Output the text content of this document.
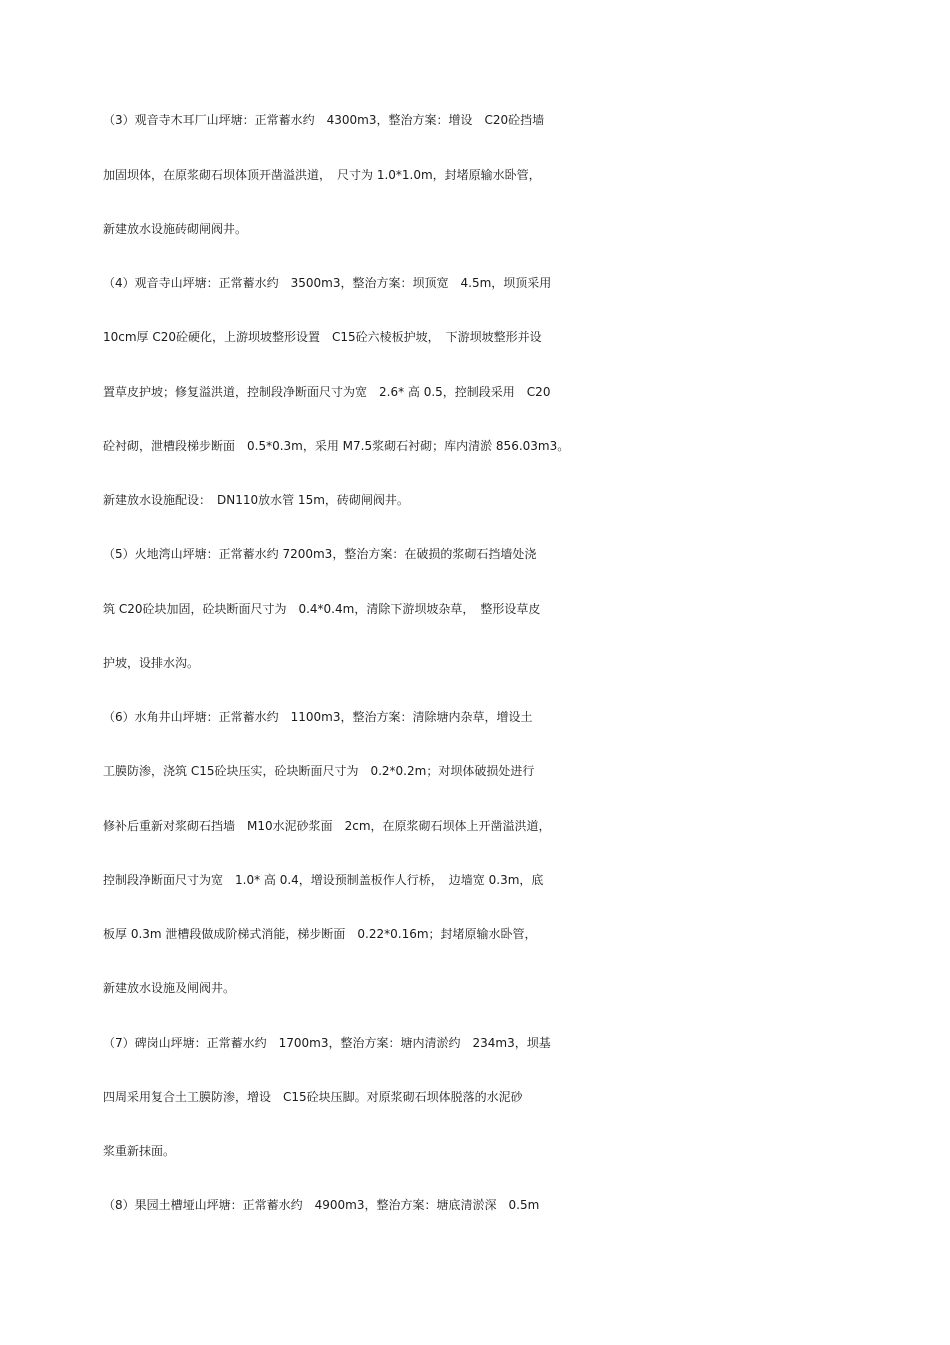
（3）观音寺木耳厂山坪塘：正常蓄水约　4300m3，整治方案：增设　C20砼挡墙
加固坝体，在原浆砌石坝体顶开凿溢洪道，　尺寸为 1.0*1.0m，封堵原输水卧管，
新建放水设施砖砌闸阀井。
（4）观音寺山坪塘：正常蓄水约　3500m3，整治方案：坝顶宽　4.5m，坝顶采用
10cm厚 C20砼硬化，上游坝坡整形设置　C15砼六棱板护坡，　下游坝坡整形并设
置草皮护坡；修复溢洪道，控制段净断面尺寸为宽　2.6* 高 0.5，控制段采用　C20
砼衬砌，泄槽段梯步断面　0.5*0.3m，采用 M7.5浆砌石衬砌；库内清淤 856.03m3。
新建放水设施配设：　DN110放水管 15m，砖砌闸阀井。
（5）火地湾山坪塘：正常蓄水约 7200m3，整治方案：在破损的浆砌石挡墙处浇
筑 C20砼块加固，砼块断面尺寸为　0.4*0.4m，清除下游坝坡杂草，　整形设草皮
护坡，设排水沟。
（6）水角井山坪塘：正常蓄水约　1100m3，整治方案：清除塘内杂草，增设土
工膜防渗，浇筑 C15砼块压实，砼块断面尺寸为　0.2*0.2m；对坝体破损处进行
修补后重新对浆砌石挡墙　M10水泥砂浆面　2cm，在原浆砌石坝体上开凿溢洪道，
控制段净断面尺寸为宽　1.0* 高 0.4，增设预制盖板作人行桥，　边墙宽 0.3m，底
板厚 0.3m 泄槽段做成阶梯式消能，梯步断面　0.22*0.16m；封堵原输水卧管，
新建放水设施及闸阀井。
（7）碑岗山坪塘：正常蓄水约　1700m3，整治方案：塘内清淤约　234m3，坝基
四周采用复合土工膜防渗，增设　C15砼块压脚。对原浆砌石坝体脱落的水泥砂
浆重新抹面。
（8）果园土槽垭山坪塘：正常蓄水约　4900m3，整治方案：塘底清淤深　0.5m
